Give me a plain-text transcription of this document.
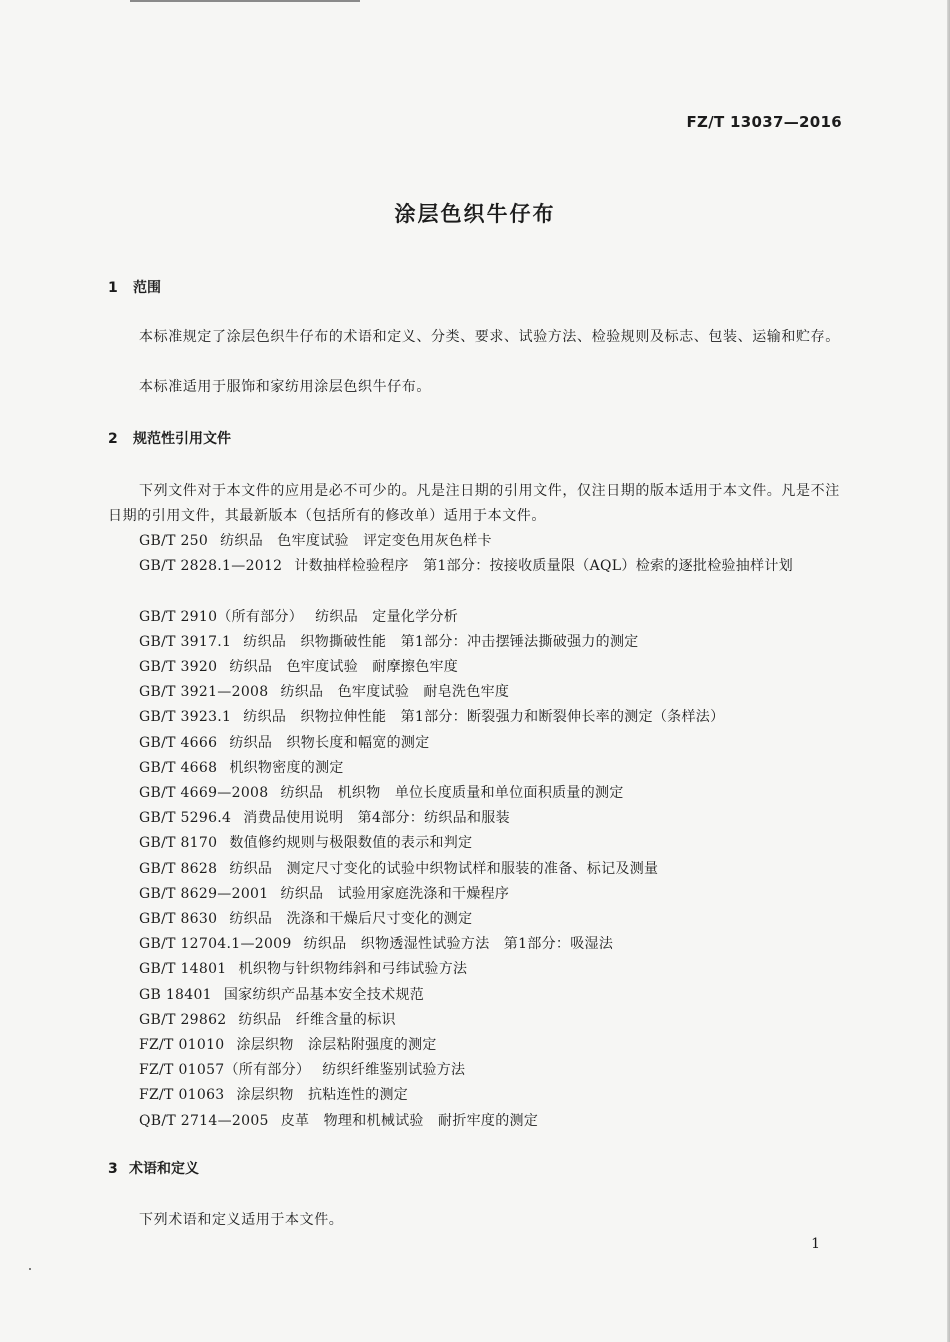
FZ/T 13037—2016
涂层色织牛仔布
1 范围

本标准规定了涂层色织牛仔布的术语和定义、分类、要求、试验方法、检验规则及标志、包装、运输和贮存。

本标准适用于服饰和家纺用涂层色织牛仔布。

2 规范性引用文件

下列文件对于本文件的应用是必不可少的。凡是注日期的引用文件，仅注日期的版本适用于本文件。凡是不注日期的引用文件，其最新版本（包括所有的修改单）适用于本文件。

GB/T 250 纺织品　色牢度试验　评定变色用灰色样卡

GB/T 2828.1—2012 计数抽样检验程序　第1部分：按接收质量限（AQL）检索的逐批检验抽样计划

GB/T 2910（所有部分） 纺织品　定量化学分析

GB/T 3917.1 纺织品　织物撕破性能　第1部分：冲击摆锤法撕破强力的测定

GB/T 3920 纺织品　色牢度试验　耐摩擦色牢度

GB/T 3921—2008 纺织品　色牢度试验　耐皂洗色牢度

GB/T 3923.1 纺织品　织物拉伸性能　第1部分：断裂强力和断裂伸长率的测定（条样法）

GB/T 4666 纺织品　织物长度和幅宽的测定

GB/T 4668 机织物密度的测定

GB/T 4669—2008 纺织品　机织物　单位长度质量和单位面积质量的测定

GB/T 5296.4 消费品使用说明　第4部分：纺织品和服装

GB/T 8170 数值修约规则与极限数值的表示和判定

GB/T 8628 纺织品　测定尺寸变化的试验中织物试样和服装的准备、标记及测量

GB/T 8629—2001 纺织品　试验用家庭洗涤和干燥程序

GB/T 8630 纺织品　洗涤和干燥后尺寸变化的测定

GB/T 12704.1—2009 纺织品　织物透湿性试验方法　第1部分：吸湿法

GB/T 14801 机织物与针织物纬斜和弓纬试验方法

GB 18401 国家纺织产品基本安全技术规范

GB/T 29862 纺织品　纤维含量的标识

FZ/T 01010 涂层织物　涂层粘附强度的测定

FZ/T 01057（所有部分） 纺织纤维鉴别试验方法

FZ/T 01063 涂层织物　抗粘连性的测定

QB/T 2714—2005 皮革　物理和机械试验　耐折牢度的测定

3 术语和定义

下列术语和定义适用于本文件。

1
